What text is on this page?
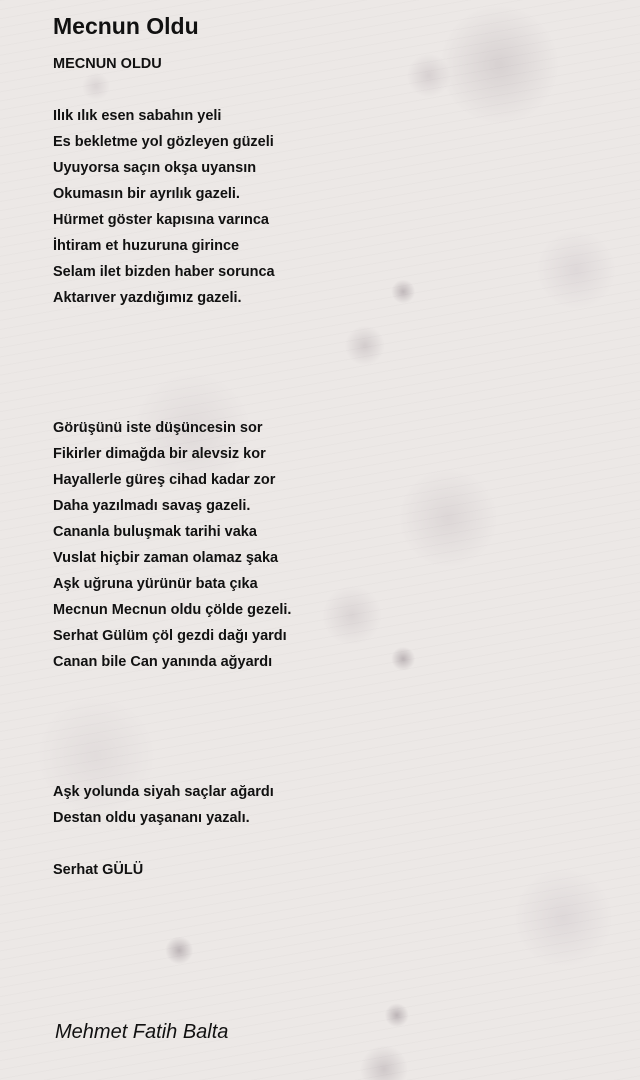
Mecnun Oldu
MECNUN OLDU
Ilık ılık esen sabahın yeli
Es bekletme yol gözleyen güzeli
Uyuyorsa saçın okşa uyansın
Okumasın bir ayrılık gazeli.
Hürmet göster kapısına varınca
İhtiram et huzuruna girince
Selam ilet bizden haber sorunca
Aktarıver yazdığımız gazeli.
Görüşünü iste düşüncesin sor
Fikirler dimağda bir alevsiz kor
Hayallerle güreş cihad kadar zor
Daha yazılmadı savaş gazeli.
Cananla buluşmak tarihi vaka
Vuslat hiçbir zaman olamaz şaka
Aşk uğruna yürünür bata çıka
Mecnun Mecnun oldu çölde gezeli.
Serhat Gülüm çöl gezdi dağı yardı
Canan bile Can yanında ağyardı
Aşk yolunda siyah saçlar ağardı
Destan oldu yaşananı yazalı.
Serhat GÜLÜ
Mehmet Fatih Balta
